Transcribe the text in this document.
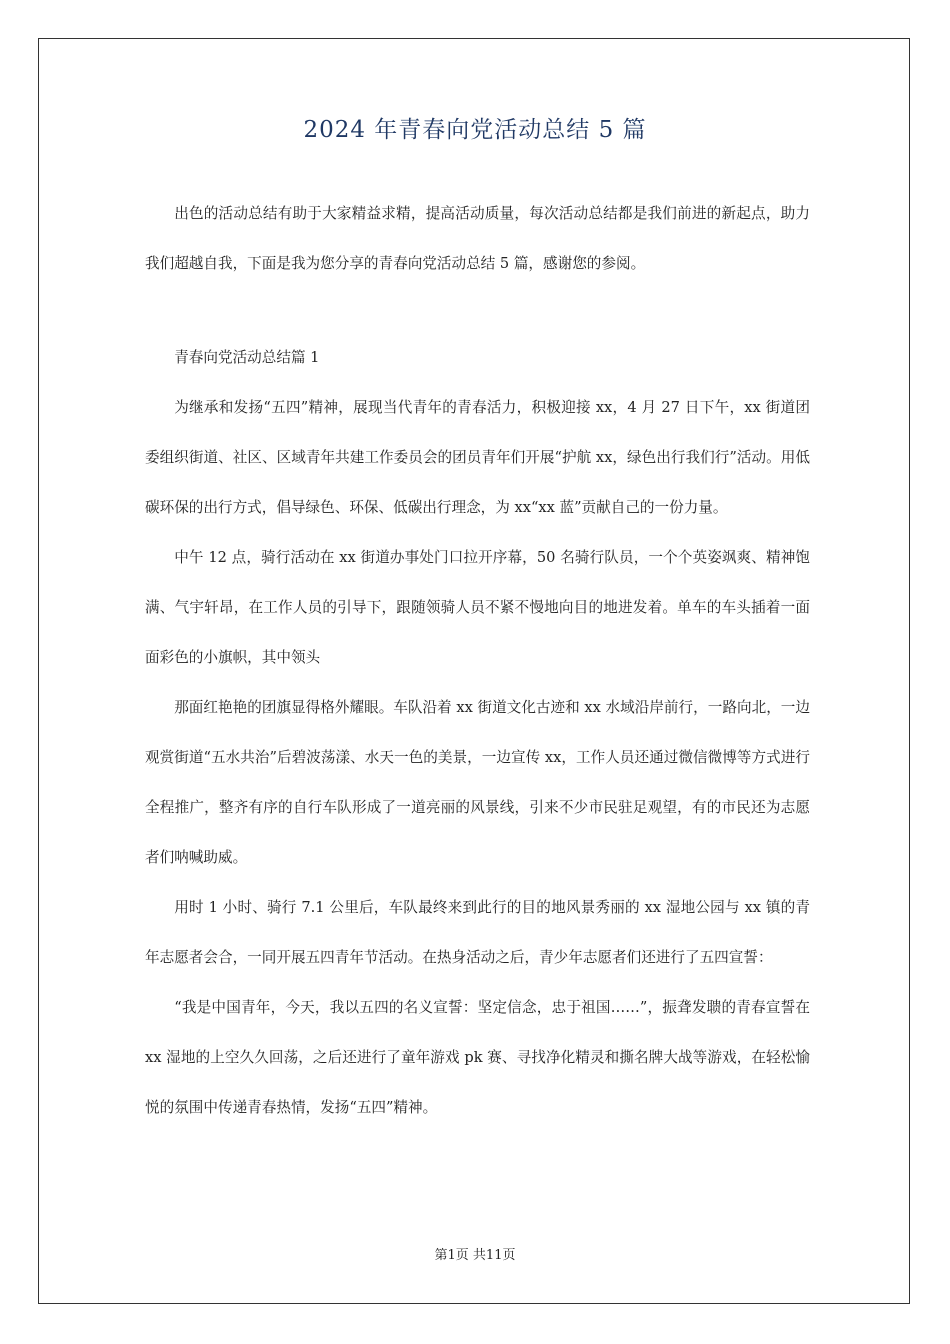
2024 年青春向党活动总结 5 篇

出色的活动总结有助于大家精益求精，提高活动质量，每次活动总结都是我们前进的新起点，助力我们超越自我，下面是我为您分享的青春向党活动总结 5 篇，感谢您的参阅。

青春向党活动总结篇 1

为继承和发扬“五四”精神，展现当代青年的青春活力，积极迎接 xx，4 月 27 日下午，xx 街道团委组织街道、社区、区域青年共建工作委员会的团员青年们开展“护航 xx，绿色出行我们行”活动。用低碳环保的出行方式，倡导绿色、环保、低碳出行理念，为 xx“xx 蓝”贡献自己的一份力量。

中午 12 点，骑行活动在 xx 街道办事处门口拉开序幕，50 名骑行队员，一个个英姿飒爽、精神饱满、气宇轩昂，在工作人员的引导下，跟随领骑人员不紧不慢地向目的地进发着。单车的车头插着一面面彩色的小旗帜，其中领头

那面红艳艳的团旗显得格外耀眼。车队沿着 xx 街道文化古迹和 xx 水域沿岸前行，一路向北，一边观赏街道“五水共治”后碧波荡漾、水天一色的美景，一边宣传 xx，工作人员还通过微信微博等方式进行全程推广，整齐有序的自行车队形成了一道亮丽的风景线，引来不少市民驻足观望，有的市民还为志愿者们呐喊助威。

用时 1 小时、骑行 7.1 公里后，车队最终来到此行的目的地风景秀丽的 xx 湿地公园与 xx 镇的青年志愿者会合，一同开展五四青年节活动。在热身活动之后，青少年志愿者们还进行了五四宣誓：

“我是中国青年，今天，我以五四的名义宣誓：坚定信念，忠于祖国……”，振聋发聩的青春宣誓在 xx 湿地的上空久久回荡，之后还进行了童年游戏 pk 赛、寻找净化精灵和撕名牌大战等游戏，在轻松愉悦的氛围中传递青春热情，发扬“五四”精神。

第1页 共11页
